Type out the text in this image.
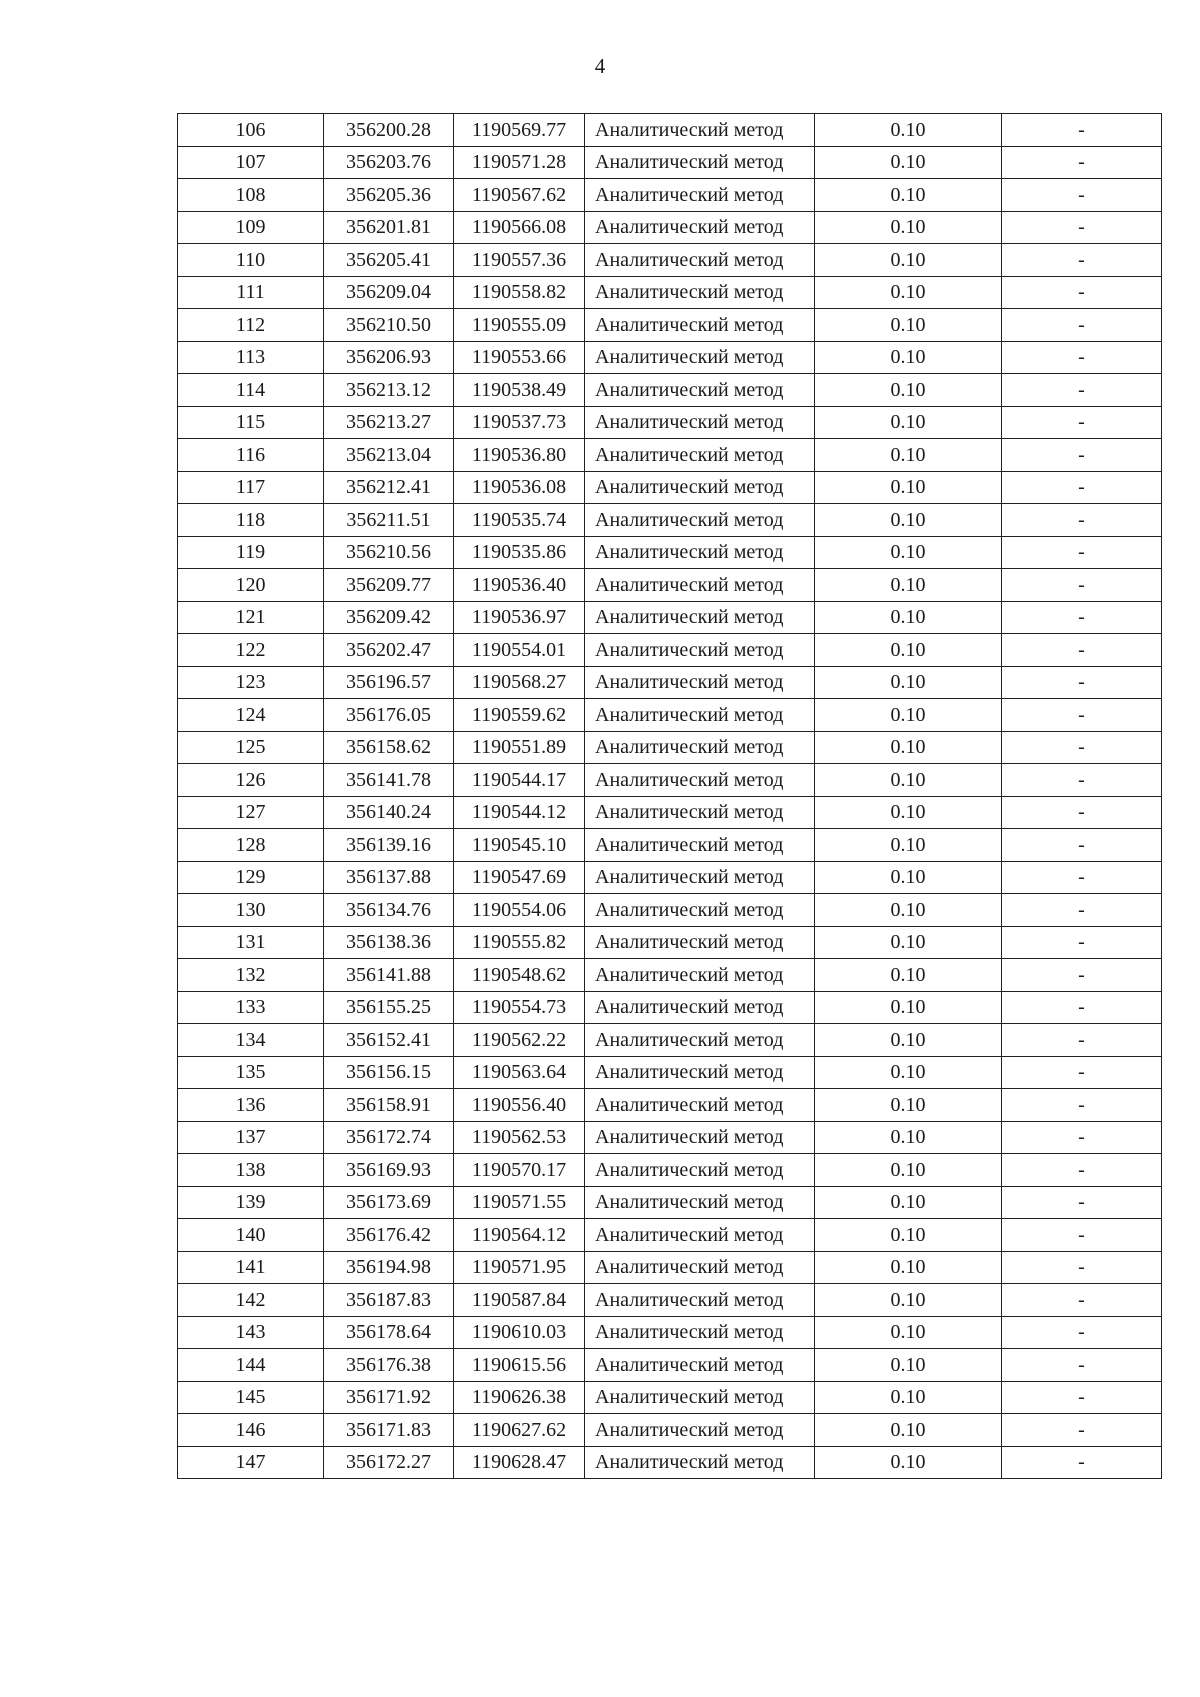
4
106	356200.28	1190569.77	Аналитический метод	0.10	-
107	356203.76	1190571.28	Аналитический метод	0.10	-
108	356205.36	1190567.62	Аналитический метод	0.10	-
109	356201.81	1190566.08	Аналитический метод	0.10	-
110	356205.41	1190557.36	Аналитический метод	0.10	-
111	356209.04	1190558.82	Аналитический метод	0.10	-
112	356210.50	1190555.09	Аналитический метод	0.10	-
113	356206.93	1190553.66	Аналитический метод	0.10	-
114	356213.12	1190538.49	Аналитический метод	0.10	-
115	356213.27	1190537.73	Аналитический метод	0.10	-
116	356213.04	1190536.80	Аналитический метод	0.10	-
117	356212.41	1190536.08	Аналитический метод	0.10	-
118	356211.51	1190535.74	Аналитический метод	0.10	-
119	356210.56	1190535.86	Аналитический метод	0.10	-
120	356209.77	1190536.40	Аналитический метод	0.10	-
121	356209.42	1190536.97	Аналитический метод	0.10	-
122	356202.47	1190554.01	Аналитический метод	0.10	-
123	356196.57	1190568.27	Аналитический метод	0.10	-
124	356176.05	1190559.62	Аналитический метод	0.10	-
125	356158.62	1190551.89	Аналитический метод	0.10	-
126	356141.78	1190544.17	Аналитический метод	0.10	-
127	356140.24	1190544.12	Аналитический метод	0.10	-
128	356139.16	1190545.10	Аналитический метод	0.10	-
129	356137.88	1190547.69	Аналитический метод	0.10	-
130	356134.76	1190554.06	Аналитический метод	0.10	-
131	356138.36	1190555.82	Аналитический метод	0.10	-
132	356141.88	1190548.62	Аналитический метод	0.10	-
133	356155.25	1190554.73	Аналитический метод	0.10	-
134	356152.41	1190562.22	Аналитический метод	0.10	-
135	356156.15	1190563.64	Аналитический метод	0.10	-
136	356158.91	1190556.40	Аналитический метод	0.10	-
137	356172.74	1190562.53	Аналитический метод	0.10	-
138	356169.93	1190570.17	Аналитический метод	0.10	-
139	356173.69	1190571.55	Аналитический метод	0.10	-
140	356176.42	1190564.12	Аналитический метод	0.10	-
141	356194.98	1190571.95	Аналитический метод	0.10	-
142	356187.83	1190587.84	Аналитический метод	0.10	-
143	356178.64	1190610.03	Аналитический метод	0.10	-
144	356176.38	1190615.56	Аналитический метод	0.10	-
145	356171.92	1190626.38	Аналитический метод	0.10	-
146	356171.83	1190627.62	Аналитический метод	0.10	-
147	356172.27	1190628.47	Аналитический метод	0.10	-
